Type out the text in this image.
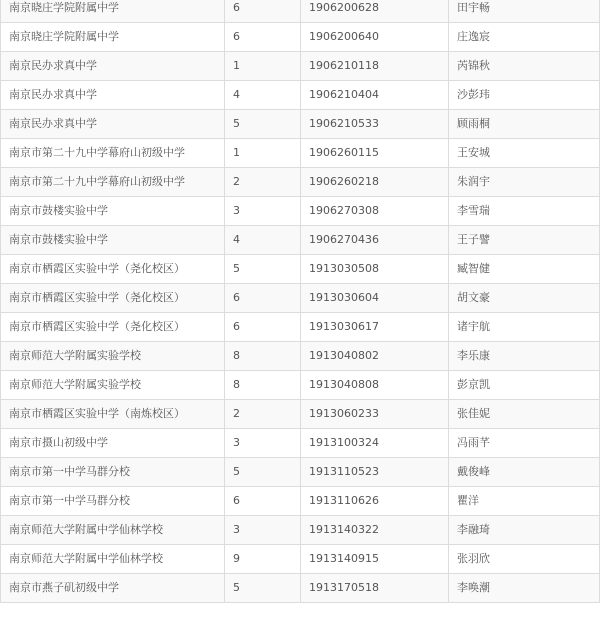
南京晓庄学院附属中学	6	1906200628	田宇畅
南京晓庄学院附属中学	6	1906200640	庄逸宸
南京民办求真中学	1	1906210118	芮锦秋
南京民办求真中学	4	1906210404	沙彭玮
南京民办求真中学	5	1906210533	顾雨桐
南京市第二十九中学幕府山初级中学	1	1906260115	王安城
南京市第二十九中学幕府山初级中学	2	1906260218	朱润宇
南京市鼓楼实验中学	3	1906270308	李雪瑞
南京市鼓楼实验中学	4	1906270436	王子譬
南京市栖霞区实验中学（尧化校区）	5	1913030508	臧智健
南京市栖霞区实验中学（尧化校区）	6	1913030604	胡文豪
南京市栖霞区实验中学（尧化校区）	6	1913030617	诸宇航
南京师范大学附属实验学校	8	1913040802	李乐康
南京师范大学附属实验学校	8	1913040808	彭京凯
南京市栖霞区实验中学（南炼校区）	2	1913060233	张佳妮
南京市摄山初级中学	3	1913100324	冯雨芊
南京市第一中学马群分校	5	1913110523	戴俊峰
南京市第一中学马群分校	6	1913110626	瞿洋
南京师范大学附属中学仙林学校	3	1913140322	李融琦
南京师范大学附属中学仙林学校	9	1913140915	张羽欣
南京市燕子矶初级中学	5	1913170518	李唤潮
